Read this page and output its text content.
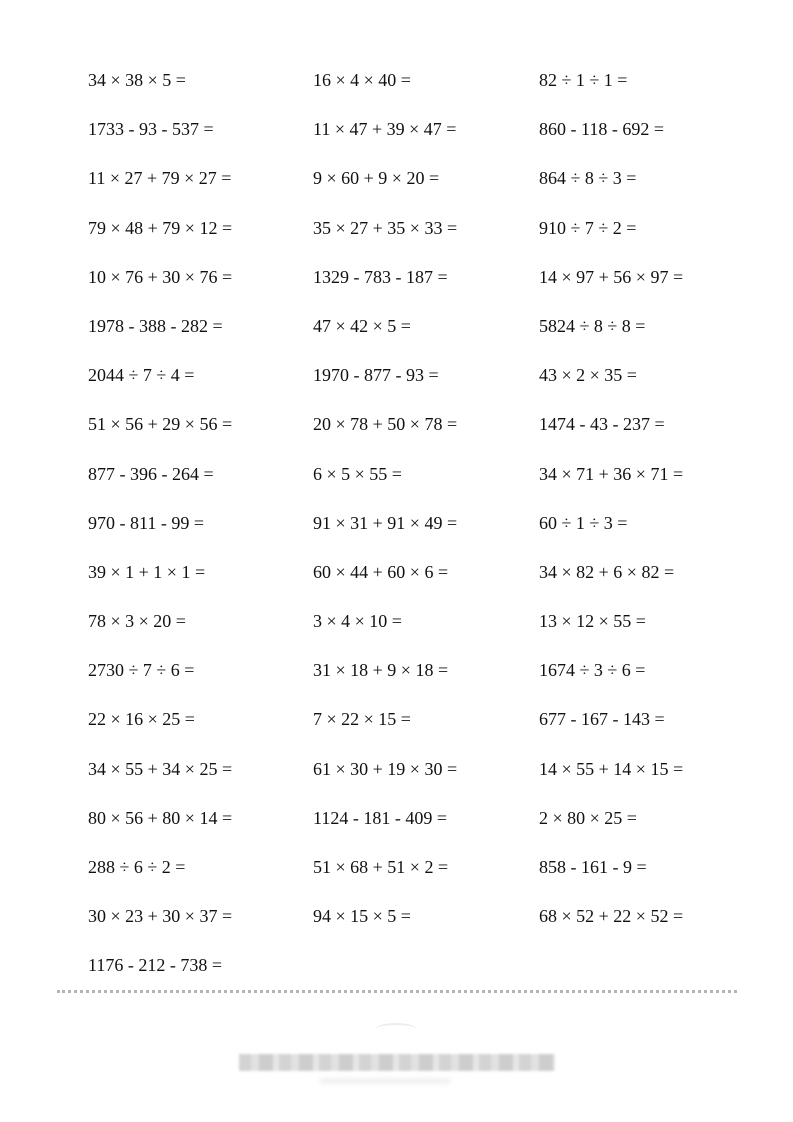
34 × 38 × 5 =	16 × 4 × 40 =	82 ÷ 1 ÷ 1 =
1733 - 93 - 537 =	11 × 47 + 39 × 47 =	860 - 118 - 692 =
11 × 27 + 79 × 27 =	9 × 60 + 9 × 20 =	864 ÷ 8 ÷ 3 =
79 × 48 + 79 × 12 =	35 × 27 + 35 × 33 =	910 ÷ 7 ÷ 2 =
10 × 76 + 30 × 76 =	1329 - 783 - 187 =	14 × 97 + 56 × 97 =
1978 - 388 - 282 =	47 × 42 × 5 =	5824 ÷ 8 ÷ 8 =
2044 ÷ 7 ÷ 4 =	1970 - 877 - 93 =	43 × 2 × 35 =
51 × 56 + 29 × 56 =	20 × 78 + 50 × 78 =	1474 - 43 - 237 =
877 - 396 - 264 =	6 × 5 × 55 =	34 × 71 + 36 × 71 =
970 - 811 - 99 =	91 × 31 + 91 × 49 =	60 ÷ 1 ÷ 3 =
39 × 1 + 1 × 1 =	60 × 44 + 60 × 6 =	34 × 82 + 6 × 82 =
78 × 3 × 20 =	3 × 4 × 10 =	13 × 12 × 55 =
2730 ÷ 7 ÷ 6 =	31 × 18 + 9 × 18 =	1674 ÷ 3 ÷ 6 =
22 × 16 × 25 =	7 × 22 × 15 =	677 - 167 - 143 =
34 × 55 + 34 × 25 =	61 × 30 + 19 × 30 =	14 × 55 + 14 × 15 =
80 × 56 + 80 × 14 =	1124 - 181 - 409 =	2 × 80 × 25 =
288 ÷ 6 ÷ 2 =	51 × 68 + 51 × 2 =	858 - 161 - 9 =
30 × 23 + 30 × 37 =	94 × 15 × 5 =	68 × 52 + 22 × 52 =
1176 - 212 - 738 =
